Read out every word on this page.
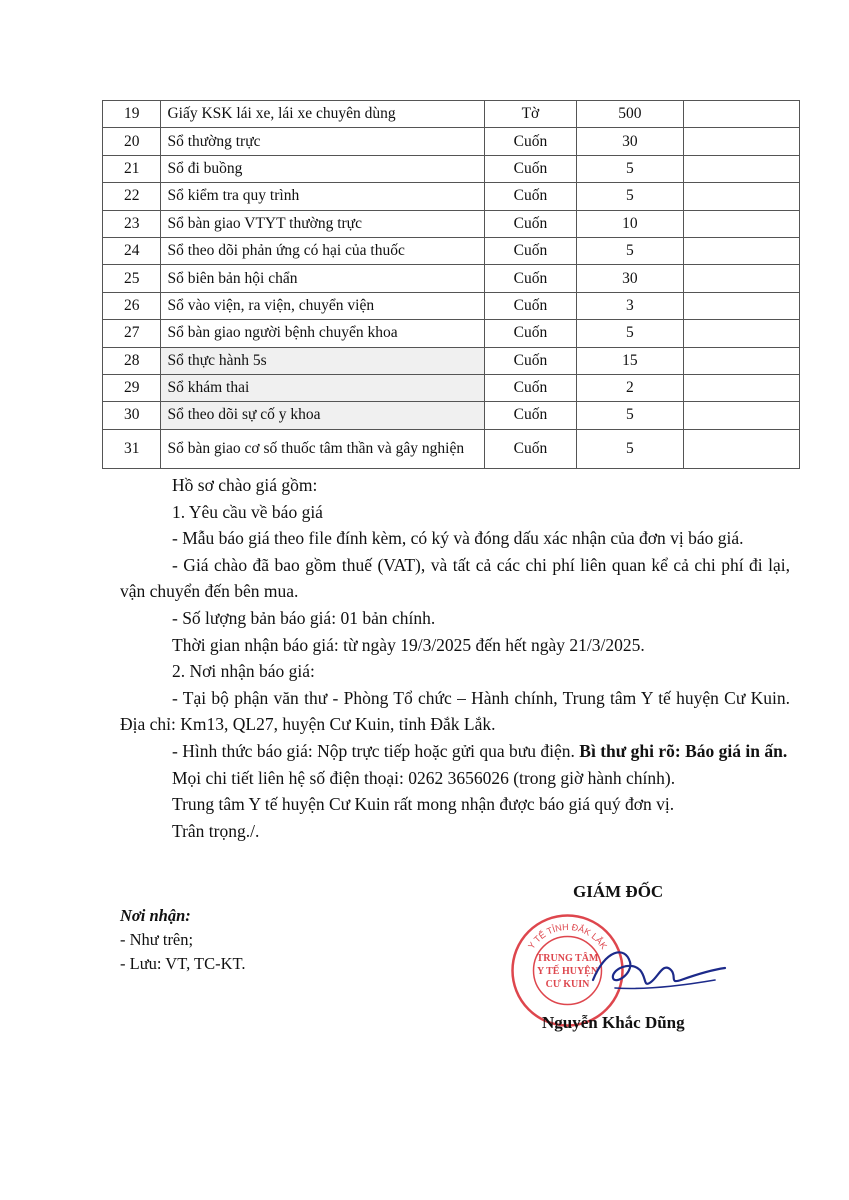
19	Giấy KSK lái xe, lái xe chuyên dùng	Tờ	500	
20	Sổ thường trực	Cuốn	30	
21	Sổ đi buồng	Cuốn	5	
22	Sổ kiểm tra quy trình	Cuốn	5	
23	Sổ bàn giao VTYT thường trực	Cuốn	10	
24	Sổ theo dõi phản ứng có hại của thuốc	Cuốn	5	
25	Sổ biên bản hội chẩn	Cuốn	30	
26	Sổ vào viện, ra viện, chuyển viện	Cuốn	3	
27	Sổ bàn giao người bệnh chuyển khoa	Cuốn	5	
28	Sổ thực hành 5s	Cuốn	15	
29	Sổ khám thai	Cuốn	2	
30	Sổ theo dõi sự cố y khoa	Cuốn	5	
31	Sổ bàn giao cơ số thuốc tâm thần và gây nghiện	Cuốn	5	

Hồ sơ chào giá gồm:

1. Yêu cầu về báo giá

- Mẫu báo giá theo file đính kèm, có ký và đóng dấu xác nhận của đơn vị báo giá.

- Giá chào đã bao gồm thuế (VAT), và tất cả các chi phí liên quan kể cả chi phí đi lại, vận chuyển đến bên mua.

- Số lượng bản báo giá: 01 bản chính.

Thời gian nhận báo giá: từ ngày 19/3/2025 đến hết ngày 21/3/2025.

2. Nơi nhận báo giá:

- Tại bộ phận văn thư - Phòng Tổ chức – Hành chính, Trung tâm Y tế huyện Cư Kuin. Địa chỉ: Km13, QL27, huyện Cư Kuin, tỉnh Đắk Lắk.

- Hình thức báo giá: Nộp trực tiếp hoặc gửi qua bưu điện. Bì thư ghi rõ: Báo giá in ấn.

Mọi chi tiết liên hệ số điện thoại: 0262 3656026 (trong giờ hành chính).

Trung tâm Y tế huyện Cư Kuin rất mong nhận được báo giá quý đơn vị.

Trân trọng./.

GIÁM ĐỐC
Nơi nhận:
- Như trên;
- Lưu: VT, TC-KT.
Y TẾ TỈNH ĐẮK LẮK
TRUNG TÂM
Y TẾ HUYỆN
CƯ KUIN
Nguyễn Khắc Dũng
